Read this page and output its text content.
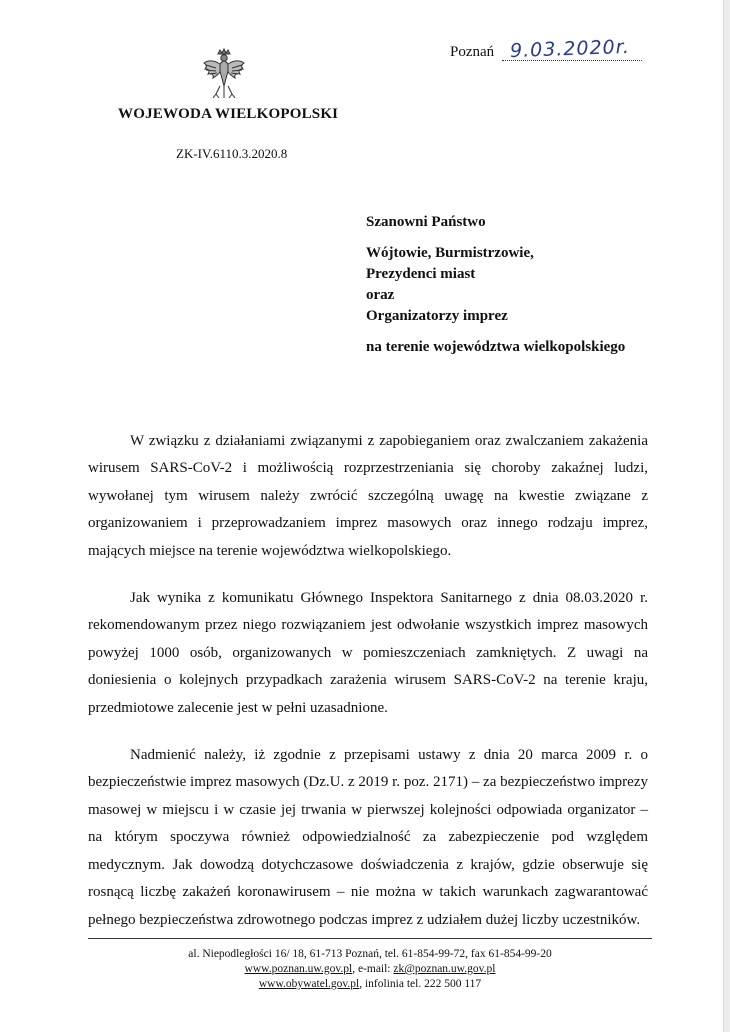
Poznań 9.03.2020r.
WOJEWODA WIELKOPOLSKI
ZK-IV.6110.3.2020.8
Szanowni Państwo
Wójtowie, Burmistrzowie,
Prezydenci miast
oraz
Organizatorzy imprez
na terenie województwa wielkopolskiego

W związku z działaniami związanymi z zapobieganiem oraz zwalczaniem zakażenia wirusem SARS-CoV-2 i możliwością rozprzestrzeniania się choroby zakaźnej ludzi, wywołanej tym wirusem należy zwrócić szczególną uwagę na kwestie związane z organizowaniem i przeprowadzaniem imprez masowych oraz innego rodzaju imprez, mających miejsce na terenie województwa wielkopolskiego.

Jak wynika z komunikatu Głównego Inspektora Sanitarnego z dnia 08.03.2020 r. rekomendowanym przez niego rozwiązaniem jest odwołanie wszystkich imprez masowych powyżej 1000 osób, organizowanych w pomieszczeniach zamkniętych. Z uwagi na doniesienia o kolejnych przypadkach zarażenia wirusem SARS-CoV-2 na terenie kraju, przedmiotowe zalecenie jest w pełni uzasadnione.

Nadmienić należy, iż zgodnie z przepisami ustawy z dnia 20 marca 2009 r. o bezpieczeństwie imprez masowych (Dz.U. z 2019 r. poz. 2171) – za bezpieczeństwo imprezy masowej w miejscu i w czasie jej trwania w pierwszej kolejności odpowiada organizator – na którym spoczywa również odpowiedzialność za zabezpieczenie pod względem medycznym. Jak dowodzą dotychczasowe doświadczenia z krajów, gdzie obserwuje się rosnącą liczbę zakażeń koronawirusem – nie można w takich warunkach zagwarantować pełnego bezpieczeństwa zdrowotnego podczas imprez z udziałem dużej liczby uczestników.

al. Niepodległości 16/ 18, 61-713 Poznań, tel. 61-854-99-72, fax 61-854-99-20
www.poznan.uw.gov.pl, e-mail: zk@poznan.uw.gov.pl
www.obywatel.gov.pl, infolinia tel. 222 500 117
